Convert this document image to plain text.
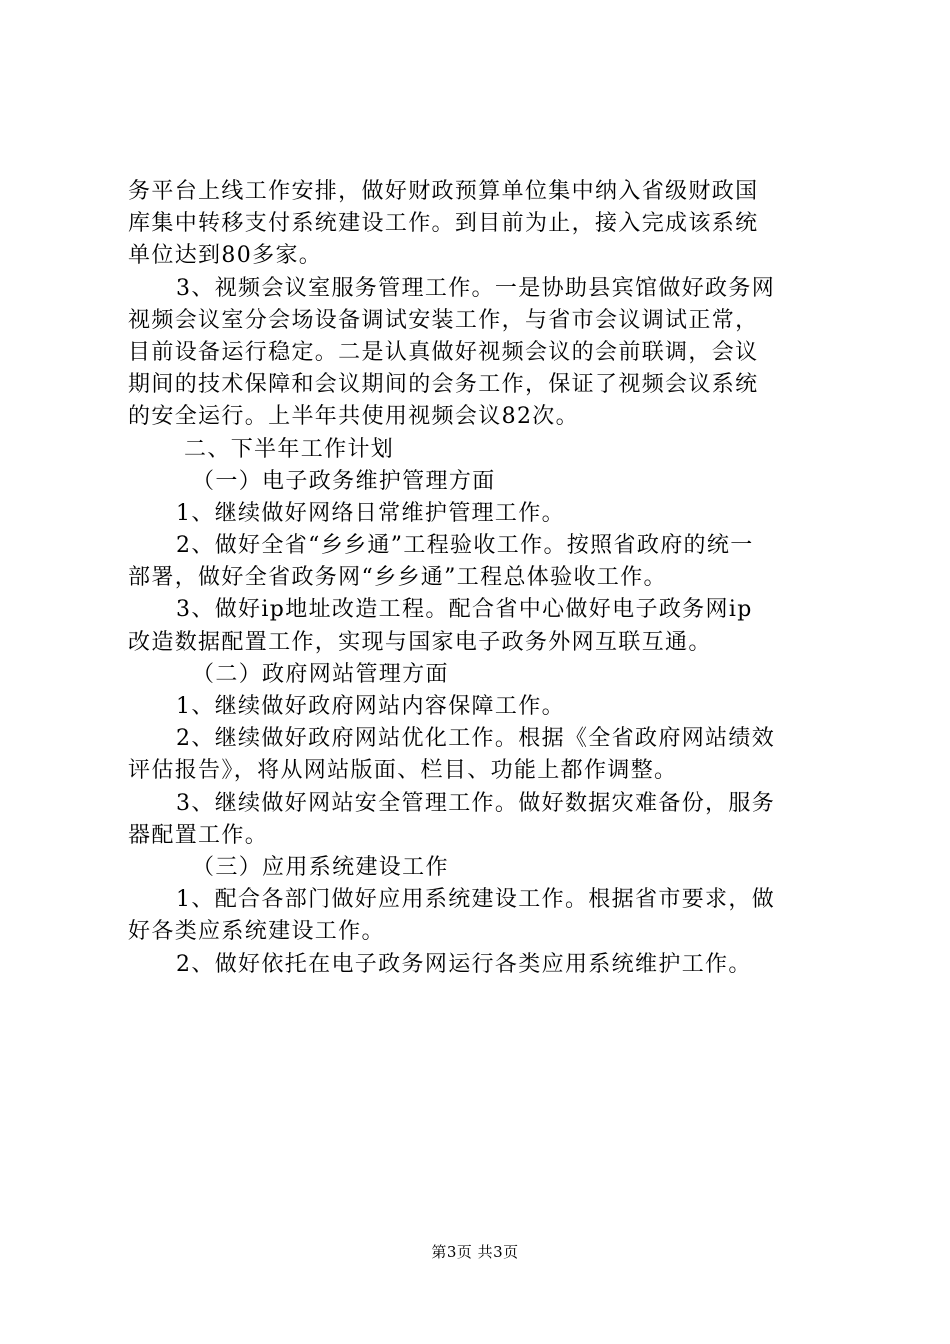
务平台上线工作安排，做好财政预算单位集中纳入省级财政国
库集中转移支付系统建设工作。到目前为止，接入完成该系统
单位达到80多家。
3、视频会议室服务管理工作。一是协助县宾馆做好政务网
视频会议室分会场设备调试安装工作，与省市会议调试正常，
目前设备运行稳定。二是认真做好视频会议的会前联调，会议
期间的技术保障和会议期间的会务工作，保证了视频会议系统
的安全运行。上半年共使用视频会议82次。
二、下半年工作计划
（一）电子政务维护管理方面
1、继续做好网络日常维护管理工作。
2、做好全省“乡乡通”工程验收工作。按照省政府的统一
部署，做好全省政务网“乡乡通”工程总体验收工作。
3、做好ip地址改造工程。配合省中心做好电子政务网ip
改造数据配置工作，实现与国家电子政务外网互联互通。
（二）政府网站管理方面
1、继续做好政府网站内容保障工作。
2、继续做好政府网站优化工作。根据《全省政府网站绩效
评估报告》，将从网站版面、栏目、功能上都作调整。
3、继续做好网站安全管理工作。做好数据灾难备份，服务
器配置工作。
（三）应用系统建设工作
1、配合各部门做好应用系统建设工作。根据省市要求，做
好各类应系统建设工作。
2、做好依托在电子政务网运行各类应用系统维护工作。
第3页 共3页
